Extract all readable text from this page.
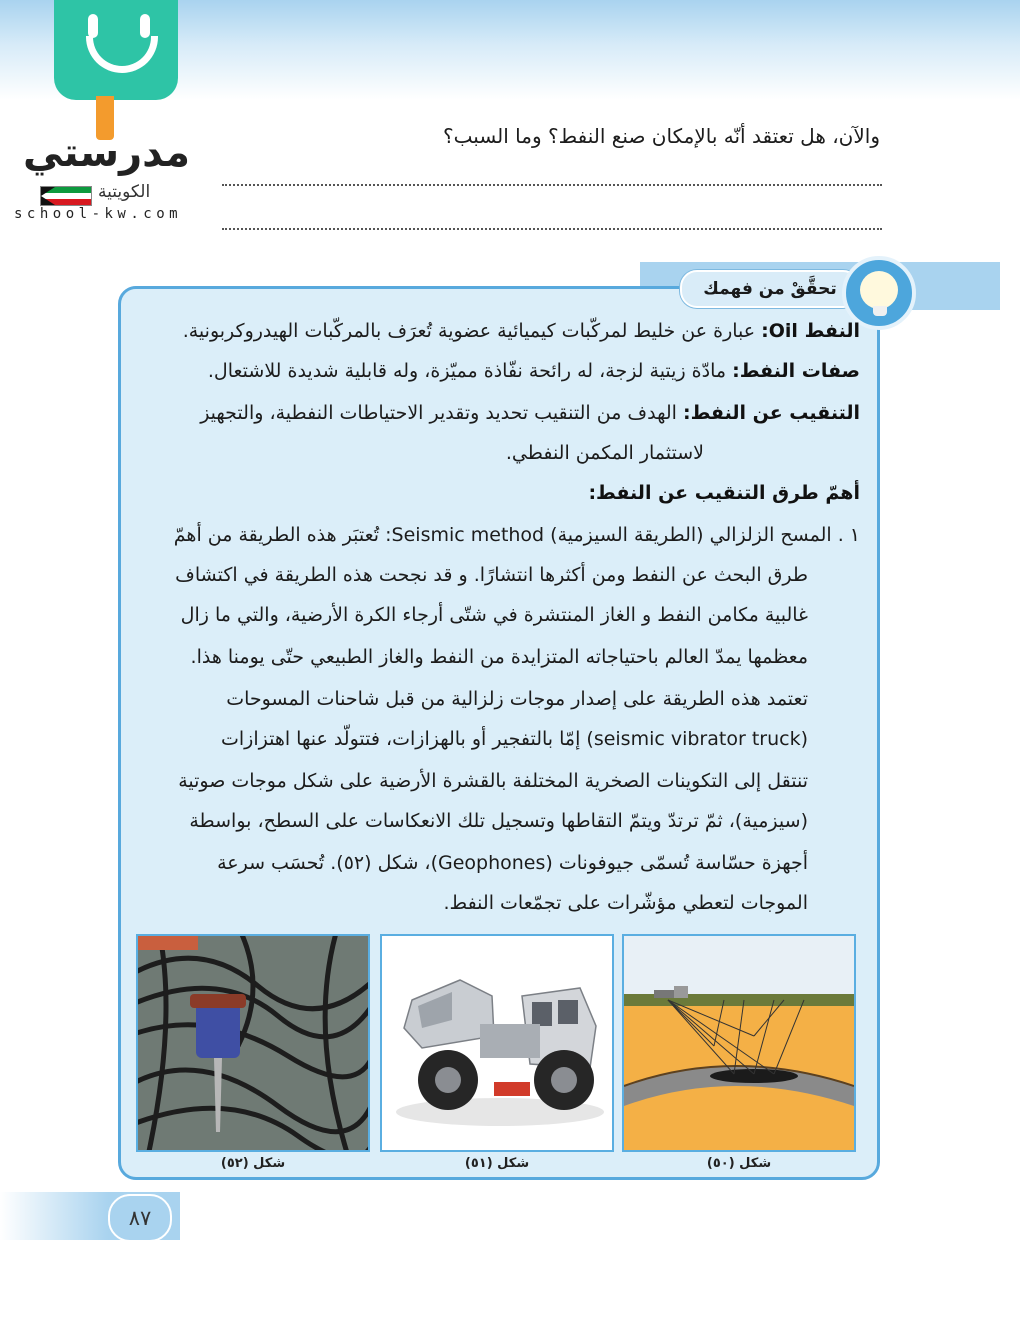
مدرستي
الكويتية
school-kw.com
والآن، هل تعتقد أنّه بالإمكان صنع النفط؟ وما السبب؟
تحقَّقْ من فهمك
النفط Oil: عبارة عن خليط لمركّبات كيميائية عضوية تُعرَف بالمركّبات الهيدروكربونية.
صفات النفط: مادّة زيتية لزجة، له رائحة نفّاذة مميّزة، وله قابلية شديدة للاشتعال.
التنقيب عن النفط: الهدف من التنقيب تحديد وتقدير الاحتياطات النفطية، والتجهيز
لاستثمار المكمن النفطي.
أهمّ طرق التنقيب عن النفط:
١ . المسح الزلزالي (الطريقة السيزمية) Seismic method: تُعتبَر هذه الطريقة من أهمّ
طرق البحث عن النفط ومن أكثرها انتشارًا. و قد نجحت هذه الطريقة في اكتشاف
غالبية مكامن النفط و الغاز المنتشرة في شتّى أرجاء الكرة الأرضية، والتي ما زال
معظمها يمدّ العالم باحتياجاته المتزايدة من النفط والغاز الطبيعي حتّى يومنا هذا.
تعتمد هذه الطريقة على إصدار موجات زلزالية من قبل شاحنات المسوحات
(seismic vibrator truck) إمّا بالتفجير أو بالهزازات، فتتولّد عنها اهتزازات
تنتقل إلى التكوينات الصخرية المختلفة بالقشرة الأرضية على شكل موجات صوتية
(سيزمية)، ثمّ ترتدّ ويتمّ التقاطها وتسجيل تلك الانعكاسات على السطح، بواسطة
أجهزة حسّاسة تُسمّى جيوفونات (Geophones)، شكل (٥٢). تُحسَب سرعة
الموجات لتعطي مؤشّرات على تجمّعات النفط.
شكل (٥٠)
شكل (٥١)
شكل (٥٢)
٨٧
